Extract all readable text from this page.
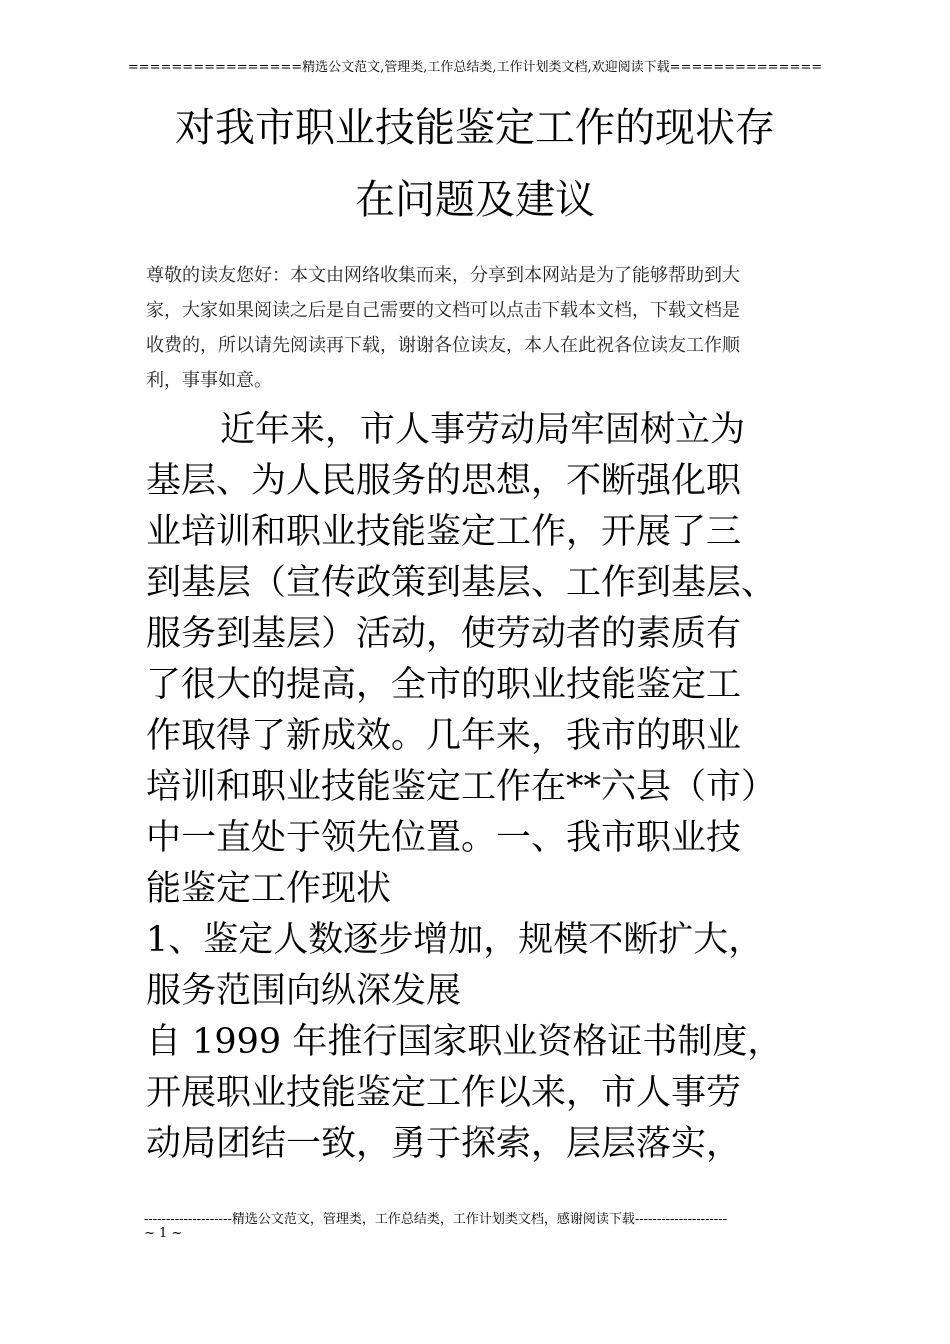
================精选公文范文,管理类,工作总结类,工作计划类文档,欢迎阅读下载==============
对我市职业技能鉴定工作的现状存
在问题及建议
尊敬的读友您好：本文由网络收集而来，分享到本网站是为了能够帮助到大
家，大家如果阅读之后是自己需要的文档可以点击下载本文档，下载文档是
收费的，所以请先阅读再下载，谢谢各位读友，本人在此祝各位读友工作顺
利，事事如意。
近年来，市人事劳动局牢固树立为
基层、为人民服务的思想，不断强化职
业培训和职业技能鉴定工作，开展了三
到基层（宣传政策到基层、工作到基层、
服务到基层）活动，使劳动者的素质有
了很大的提高，全市的职业技能鉴定工
作取得了新成效。几年来，我市的职业
培训和职业技能鉴定工作在**六县（市）
中一直处于领先位置。一、我市职业技
能鉴定工作现状
1、鉴定人数逐步增加，规模不断扩大，
服务范围向纵深发展
自 1999 年推行国家职业资格证书制度，
开展职业技能鉴定工作以来，市人事劳
动局团结一致，勇于探索，层层落实，
--------------------精选公文范文，管理类，工作总结类，工作计划类文档，感谢阅读下载---------------------
~ 1 ~
